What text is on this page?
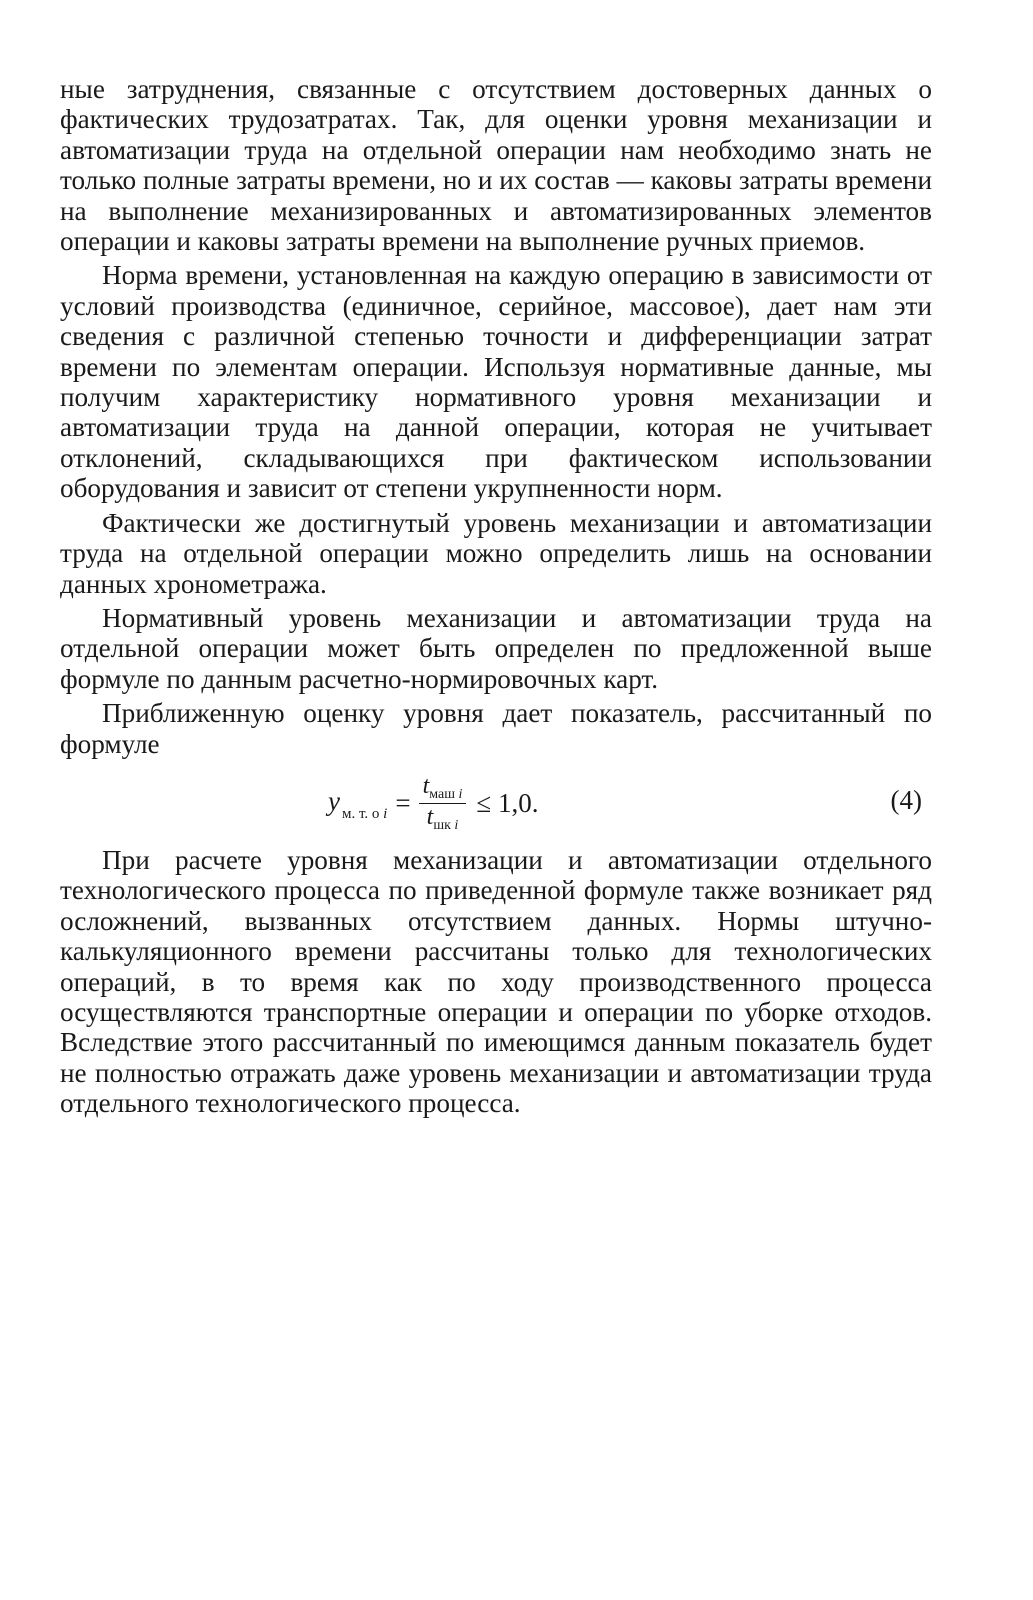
ные затруднения, связанные с отсутствием достоверных данных о фактических трудозатратах. Так, для оценки уровня механизации и автоматизации труда на отдельной операции нам необходимо знать не только полные затраты времени, но и их состав — каковы затраты времени на выполнение механизированных и автоматизированных элементов операции и каковы затраты времени на выполнение ручных приемов.

Норма времени, установленная на каждую операцию в зависимости от условий производства (единичное, серийное, массовое), дает нам эти сведения с различной степенью точности и дифференциации затрат времени по элементам операции. Используя нормативные данные, мы получим характеристику нормативного уровня механизации и автоматизации труда на данной операции, которая не учитывает отклонений, складывающихся при фактическом использовании оборудования и зависит от степени укрупненности норм.

Фактически же достигнутый уровень механизации и автоматизации труда на отдельной операции можно определить лишь на основании данных хронометража.

Нормативный уровень механизации и автоматизации труда на отдельной операции может быть определен по предложенной выше формуле по данным расчетно-нормировочных карт.

Приближенную оценку уровня дает показатель, рассчитанный по формуле

у $_{м. т. о i} = \frac{t_{маш i}}{t_{шк i}} \le 1,0$.	(4)

При расчете уровня механизации и автоматизации отдельного технологического процесса по приведенной формуле также возникает ряд осложнений, вызванных отсутствием данных. Нормы штучно-калькуляционного времени рассчитаны только для технологических операций, в то время как по ходу производственного процесса осуществляются транспортные операции и операции по уборке отходов. Вследствие этого рассчитанный по имеющимся данным показатель будет не полностью отражать даже уровень механизации и автоматизации труда отдельного технологического процесса.
